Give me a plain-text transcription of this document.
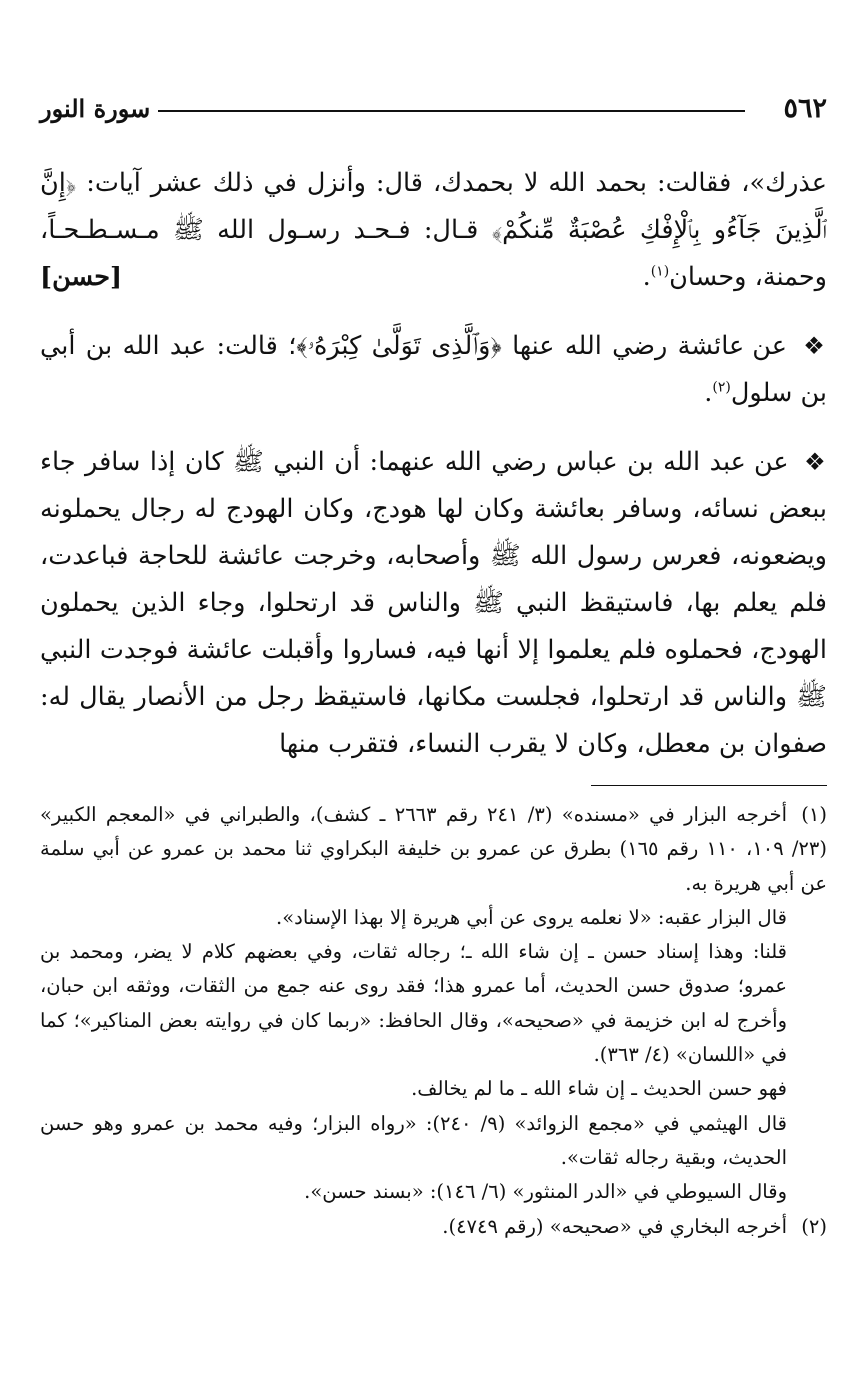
٥٦٢
سورة النور

عذرك»، فقالت: بحمد الله لا بحمدك، قال: وأنزل في ذلك عشر آيات: ﴿إِنَّ ٱلَّذِينَ جَآءُو بِٱلْإِفْكِ عُصْبَةٌ مِّنكُمْ﴾ قـال: فـحـد رسـول الله ﷺ مـسـطـحـاً، وحمنة، وحسان$^{(١)}$.
[حسن]

❖ عن عائشة رضي الله عنها ﴿وَٱلَّذِى تَوَلَّىٰ كِبْرَهُۥ﴾؛ قالت: عبد الله بن أبي بن سلول$^{(٢)}$.

❖ عن عبد الله بن عباس رضي الله عنهما: أن النبي ﷺ كان إذا سافر جاء ببعض نسائه، وسافر بعائشة وكان لها هودج، وكان الهودج له رجال يحملونه ويضعونه، فعرس رسول الله ﷺ وأصحابه، وخرجت عائشة للحاجة فباعدت، فلم يعلم بها، فاستيقظ النبي ﷺ والناس قد ارتحلوا، وجاء الذين يحملون الهودج، فحملوه فلم يعلموا إلا أنها فيه، فساروا وأقبلت عائشة فوجدت النبي ﷺ والناس قد ارتحلوا، فجلست مكانها، فاستيقظ رجل من الأنصار يقال له: صفوان بن معطل، وكان لا يقرب النساء، فتقرب منها

(١)أخرجه البزار في «مسنده» (٣/ ٢٤١ رقم ٢٦٦٣ ـ كشف)، والطبراني في «المعجم الكبير» (٢٣/ ١٠٩، ١١٠ رقم ١٦٥) بطرق عن عمرو بن خليفة البكراوي ثنا محمد بن عمرو عن أبي سلمة عن أبي هريرة به.

قال البزار عقبه: «لا نعلمه يروى عن أبي هريرة إلا بهذا الإسناد».

قلنا: وهذا إسناد حسن ـ إن شاء الله ـ؛ رجاله ثقات، وفي بعضهم كلام لا يضر، ومحمد بن عمرو؛ صدوق حسن الحديث، أما عمرو هذا؛ فقد روى عنه جمع من الثقات، ووثقه ابن حبان، وأخرج له ابن خزيمة في «صحيحه»، وقال الحافظ: «ربما كان في روايته بعض المناكير»؛ كما في «اللسان» (٤/ ٣٦٣).

فهو حسن الحديث ـ إن شاء الله ـ ما لم يخالف.

قال الهيثمي في «مجمع الزوائد» (٩/ ٢٤٠): «رواه البزار؛ وفيه محمد بن عمرو وهو حسن الحديث، وبقية رجاله ثقات».

وقال السيوطي في «الدر المنثور» (٦/ ١٤٦): «بسند حسن».

(٢)أخرجه البخاري في «صحيحه» (رقم ٤٧٤٩).
